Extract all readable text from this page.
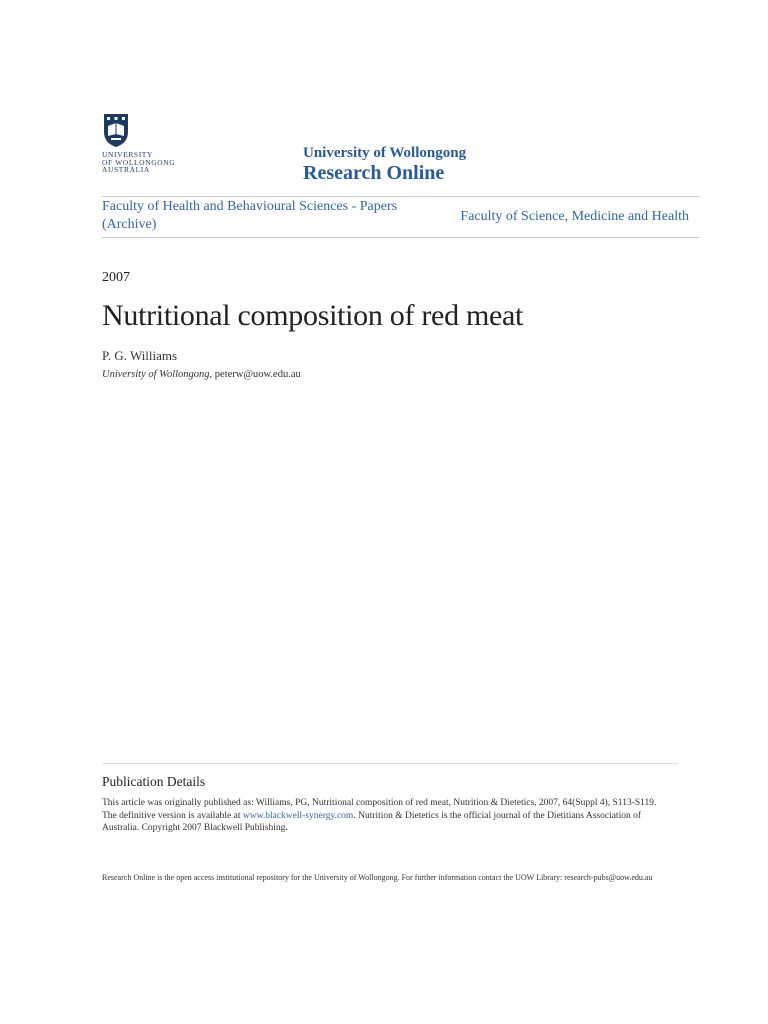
UNIVERSITY
OF WOLLONGONG
AUSTRALIA
University of Wollongong
Research Online
Faculty of Health and Behavioural Sciences - Papers (Archive)
Faculty of Science, Medicine and Health
2007
Nutritional composition of red meat
P. G. Williams
University of Wollongong, peterw@uow.edu.au
Publication Details
This article was originally published as: Williams, PG, Nutritional composition of red meat, Nutrition & Dietetics, 2007, 64(Suppl 4), S113-S119. The definitive version is available at www.blackwell-synergy.com. Nutrition & Dietetics is the official journal of the Dietitians Association of Australia. Copyright 2007 Blackwell Publishing.
Research Online is the open access institutional repository for the University of Wollongong. For further information contact the UOW Library: research-pubs@uow.edu.au
